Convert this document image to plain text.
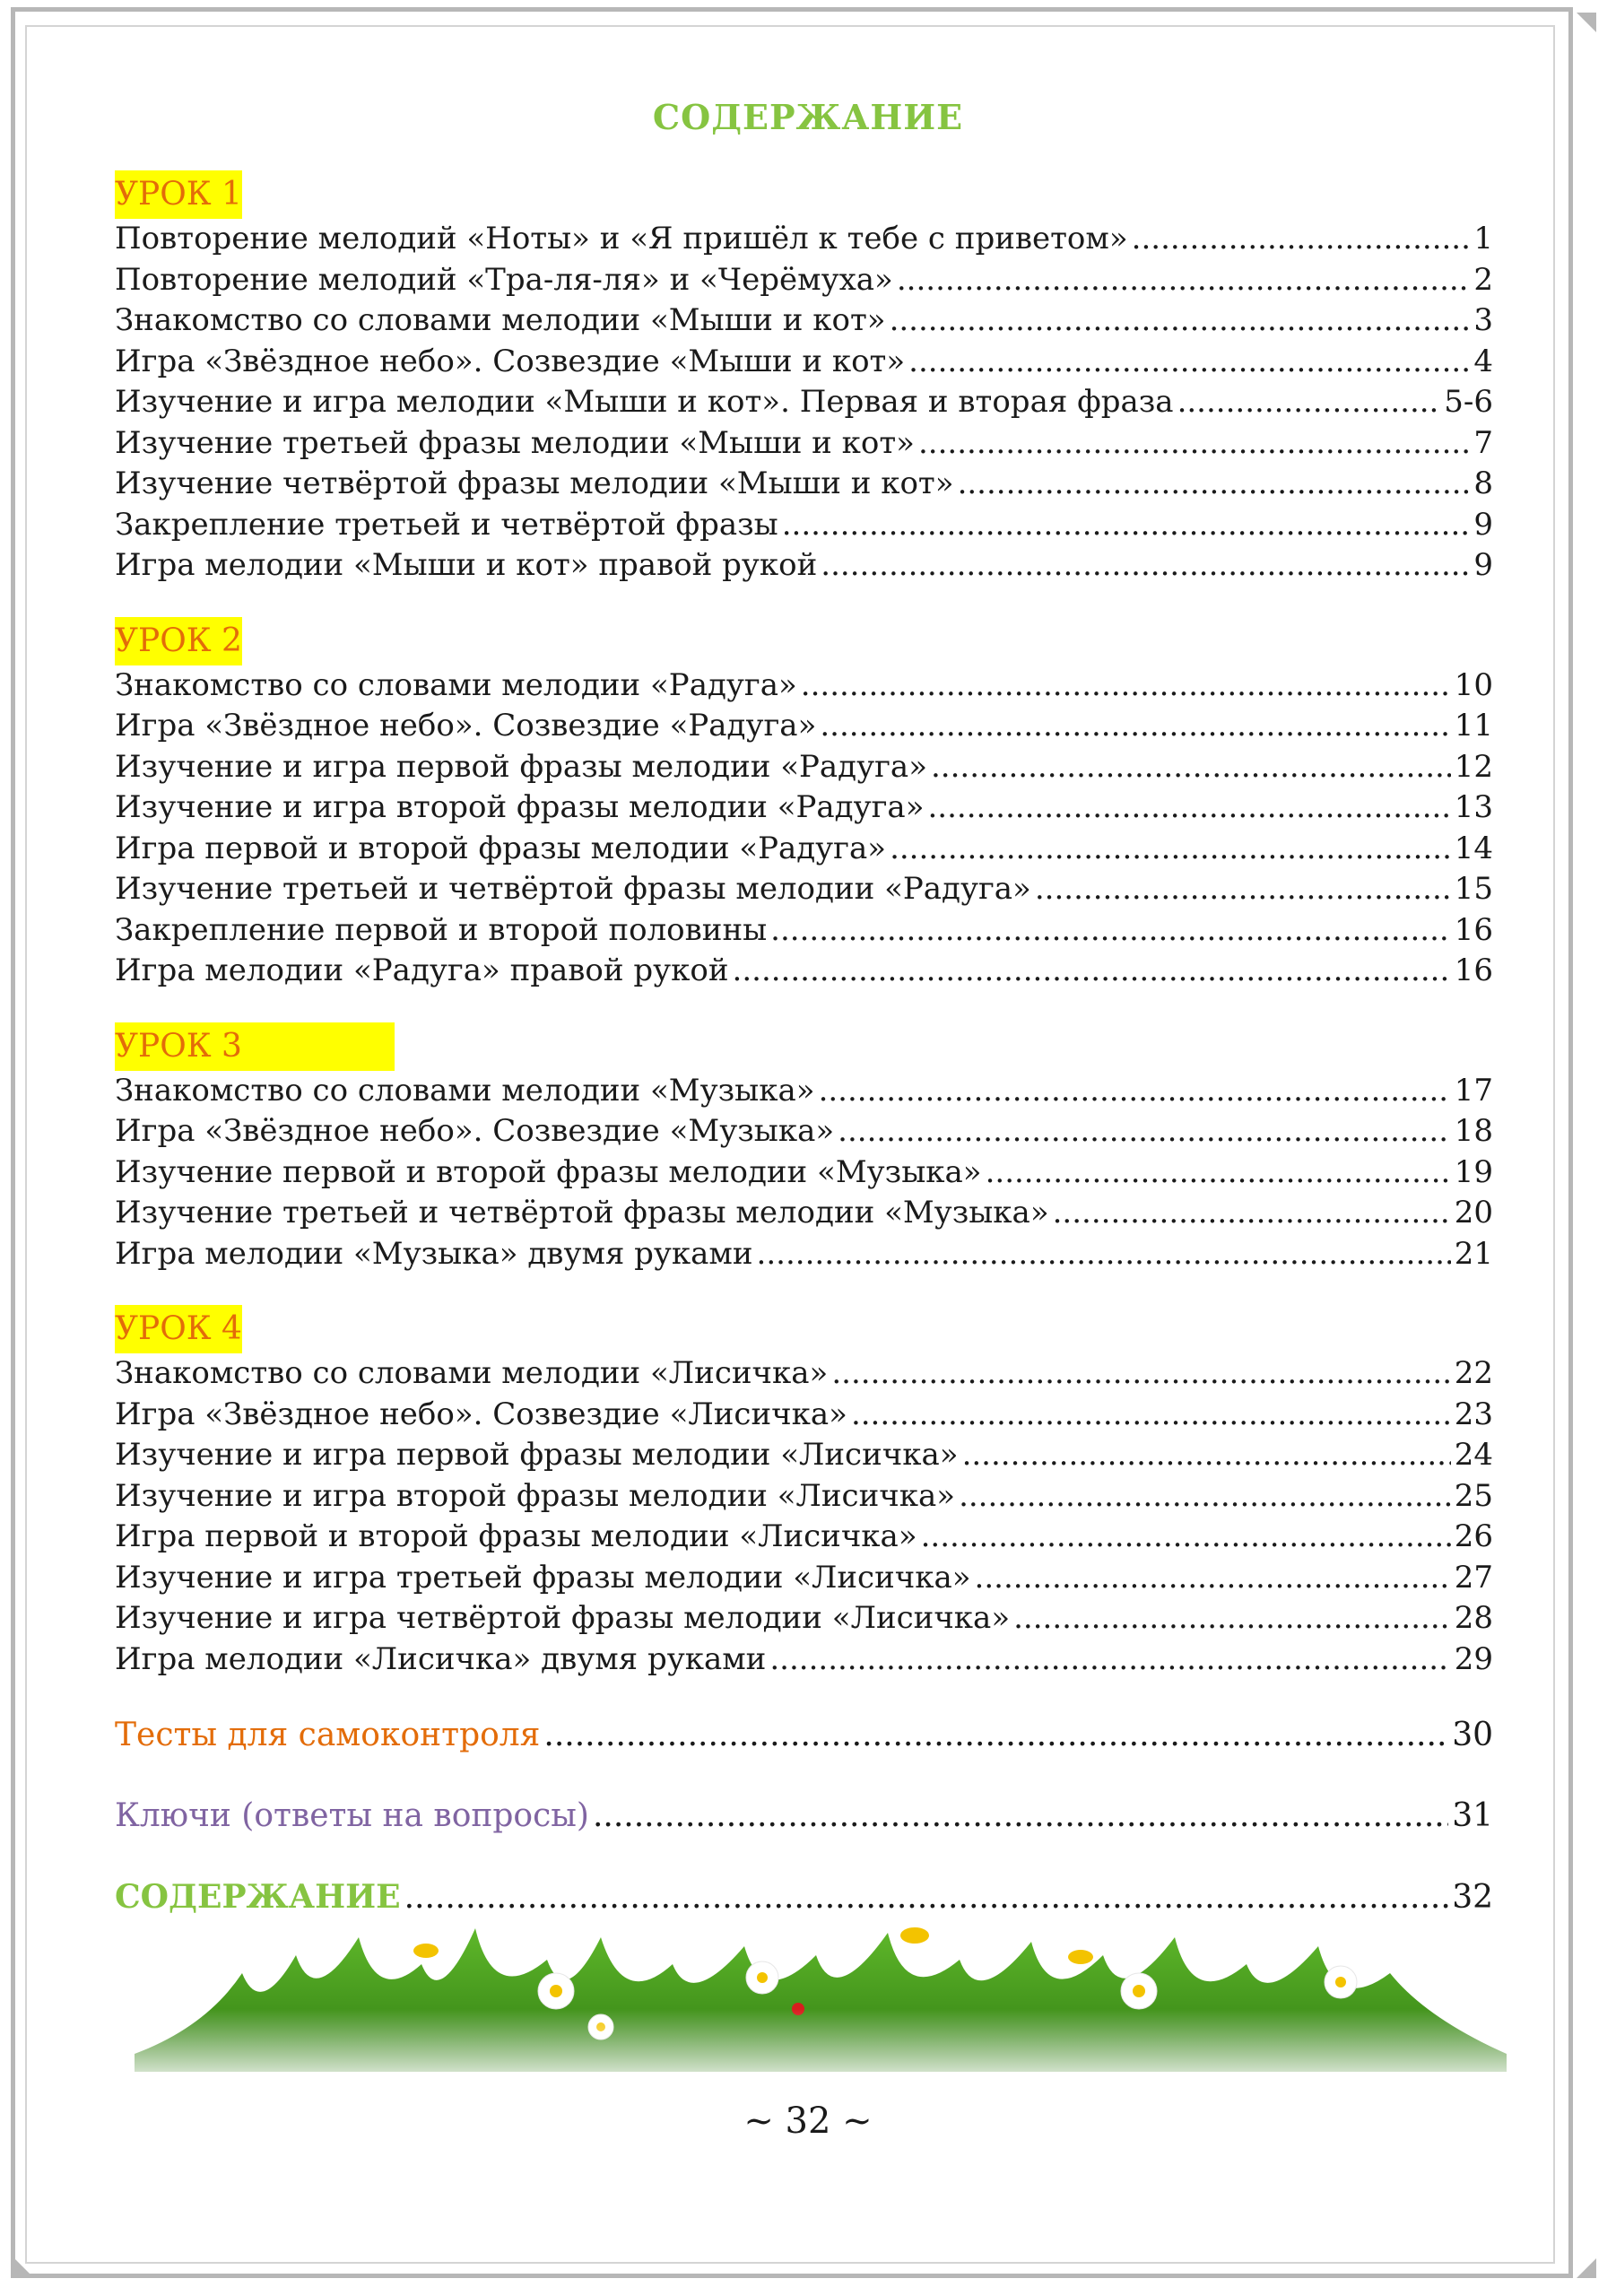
СОДЕРЖАНИЕ
УРОК 1
Повторение мелодий «Ноты» и «Я пришёл к тебе с приветом» .....	1
Повторение мелодий «Тра-ля-ля» и «Черёмуха» .....	2
Знакомство со словами мелодии «Мыши и кот» .....	3
Игра «Звёздное небо». Созвездие «Мыши и кот» .....	4
Изучение и игра мелодии «Мыши и кот». Первая и вторая фраза .....	5-6
Изучение третьей фразы мелодии «Мыши и кот» .....	7
Изучение четвёртой фразы мелодии «Мыши и кот» .....	8
Закрепление третьей и четвёртой фразы .....	9
Игра мелодии «Мыши и кот» правой рукой .....	9
УРОК 2
Знакомство со словами мелодии «Радуга» .....	10
Игра «Звёздное небо». Созвездие «Радуга» .....	11
Изучение и игра первой фразы мелодии «Радуга» .....	12
Изучение и игра второй фразы мелодии «Радуга» .....	13
Игра первой и второй фразы мелодии «Радуга» .....	14
Изучение третьей и четвёртой фразы мелодии «Радуга» .....	15
Закрепление первой и второй половины .....	16
Игра мелодии «Радуга» правой рукой .....	16
УРОК 3
Знакомство со словами мелодии «Музыка» .....	17
Игра «Звёздное небо». Созвездие «Музыка» .....	18
Изучение первой и второй фразы мелодии «Музыка» .....	19
Изучение третьей и четвёртой фразы мелодии «Музыка» .....	20
Игра мелодии «Музыка» двумя руками .....	21
УРОК 4
Знакомство со словами мелодии «Лисичка» .....	22
Игра «Звёздное небо». Созвездие «Лисичка» .....	23
Изучение и игра первой фразы мелодии «Лисичка» .....	24
Изучение и игра второй фразы мелодии «Лисичка» .....	25
Игра первой и второй фразы мелодии «Лисичка» .....	26
Изучение и игра третьей фразы мелодии «Лисичка» .....	27
Изучение и игра четвёртой фразы мелодии «Лисичка» .....	28
Игра мелодии «Лисичка» двумя руками .....	29
Тесты для самоконтроля .....	30
Ключи (ответы на вопросы) .....	31
СОДЕРЖАНИЕ .....	32
~ 32 ~
